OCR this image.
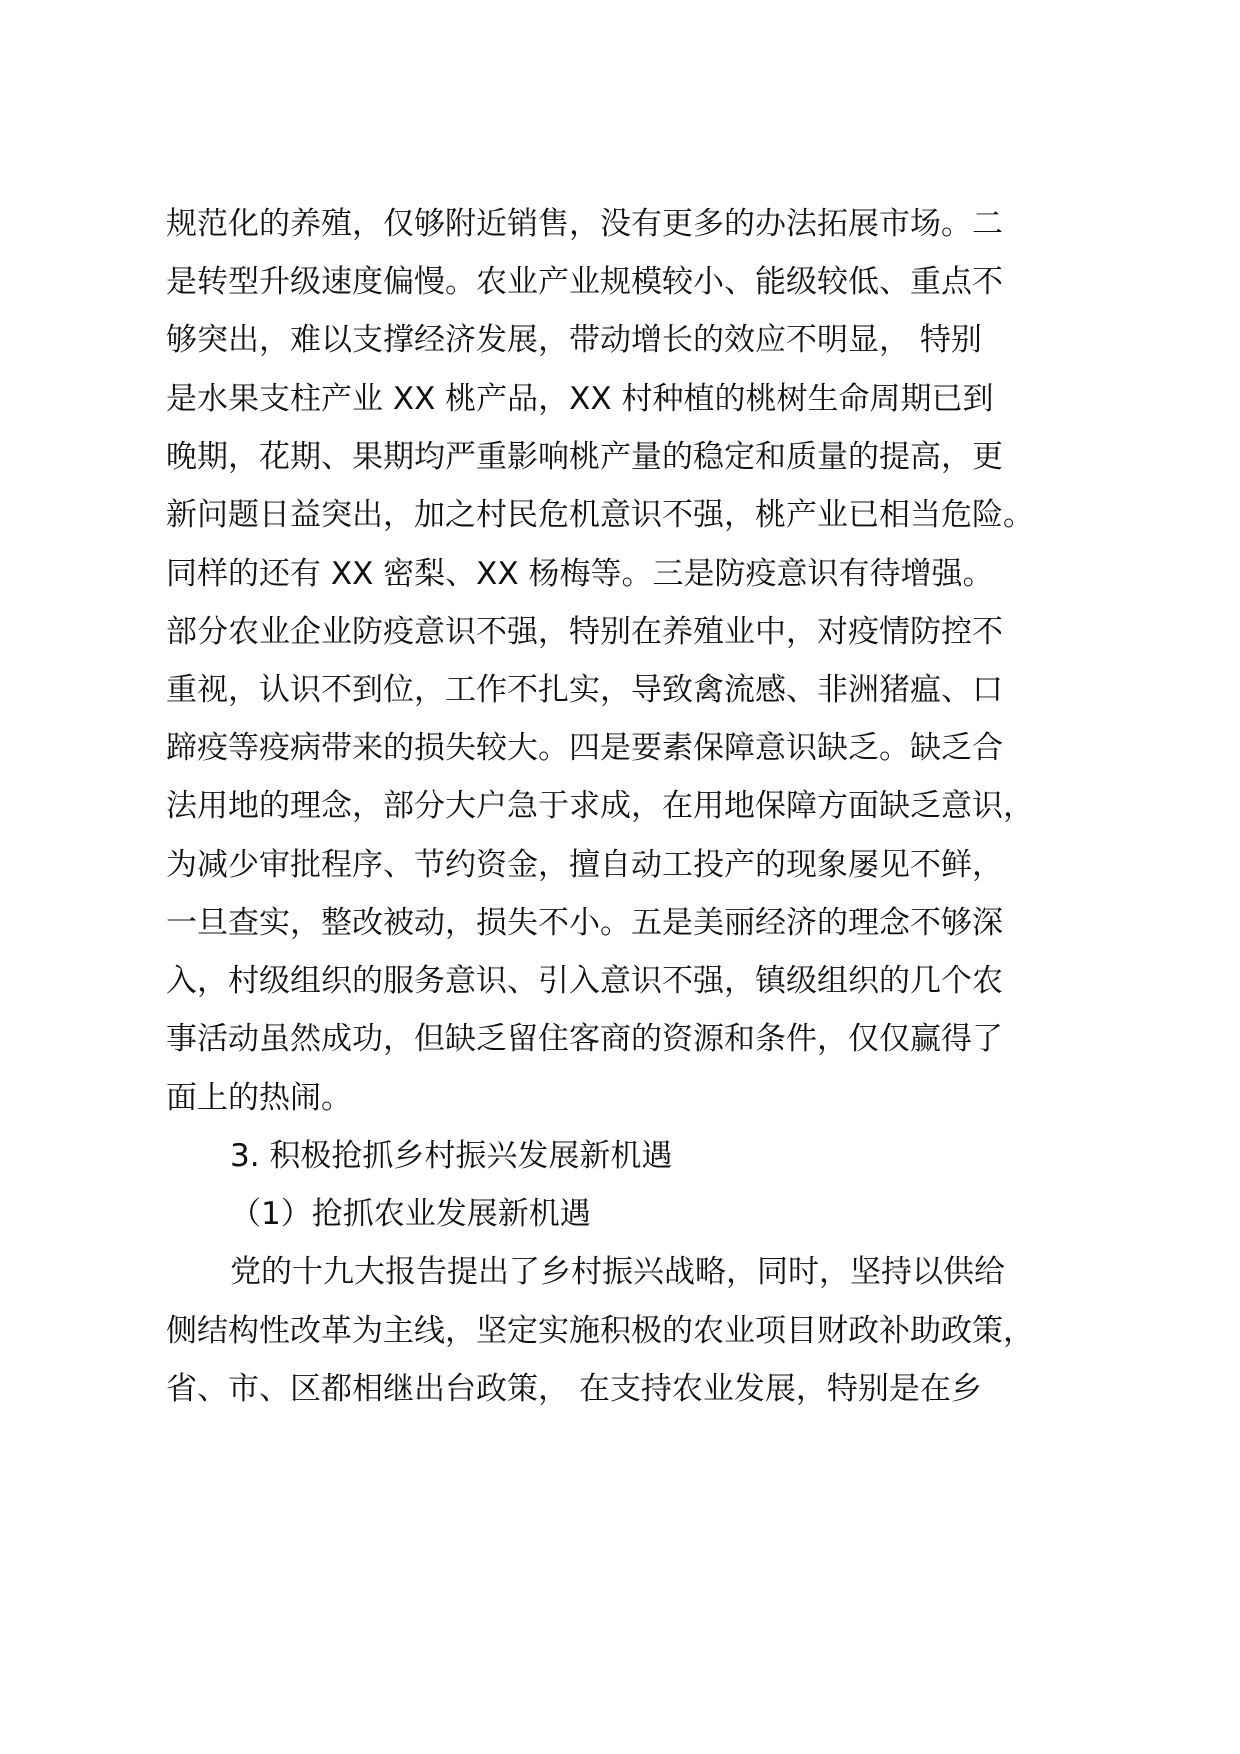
规范化的养殖，仅够附近销售，没有更多的办法拓展市场。二
是转型升级速度偏慢。农业产业规模较小、能级较低、重点不
够突出，难以支撑经济发展，带动增长的效应不明显， 特别
是水果支柱产业 XX 桃产品，XX 村种植的桃树生命周期已到
晚期，花期、果期均严重影响桃产量的稳定和质量的提高，更
新问题日益突出，加之村民危机意识不强，桃产业已相当危险。
同样的还有 XX 密梨、XX 杨梅等。三是防疫意识有待增强。
部分农业企业防疫意识不强，特别在养殖业中，对疫情防控不
重视，认识不到位，工作不扎实，导致禽流感、非洲猪瘟、口
蹄疫等疫病带来的损失较大。四是要素保障意识缺乏。缺乏合
法用地的理念，部分大户急于求成，在用地保障方面缺乏意识，
为减少审批程序、节约资金，擅自动工投产的现象屡见不鲜，
一旦查实，整改被动，损失不小。五是美丽经济的理念不够深
入，村级组织的服务意识、引入意识不强，镇级组织的几个农
事活动虽然成功，但缺乏留住客商的资源和条件，仅仅赢得了
面上的热闹。
3. 积极抢抓乡村振兴发展新机遇
（1）抢抓农业发展新机遇
党的十九大报告提出了乡村振兴战略，同时，坚持以供给
侧结构性改革为主线，坚定实施积极的农业项目财政补助政策，
省、市、区都相继出台政策， 在支持农业发展，特别是在乡
